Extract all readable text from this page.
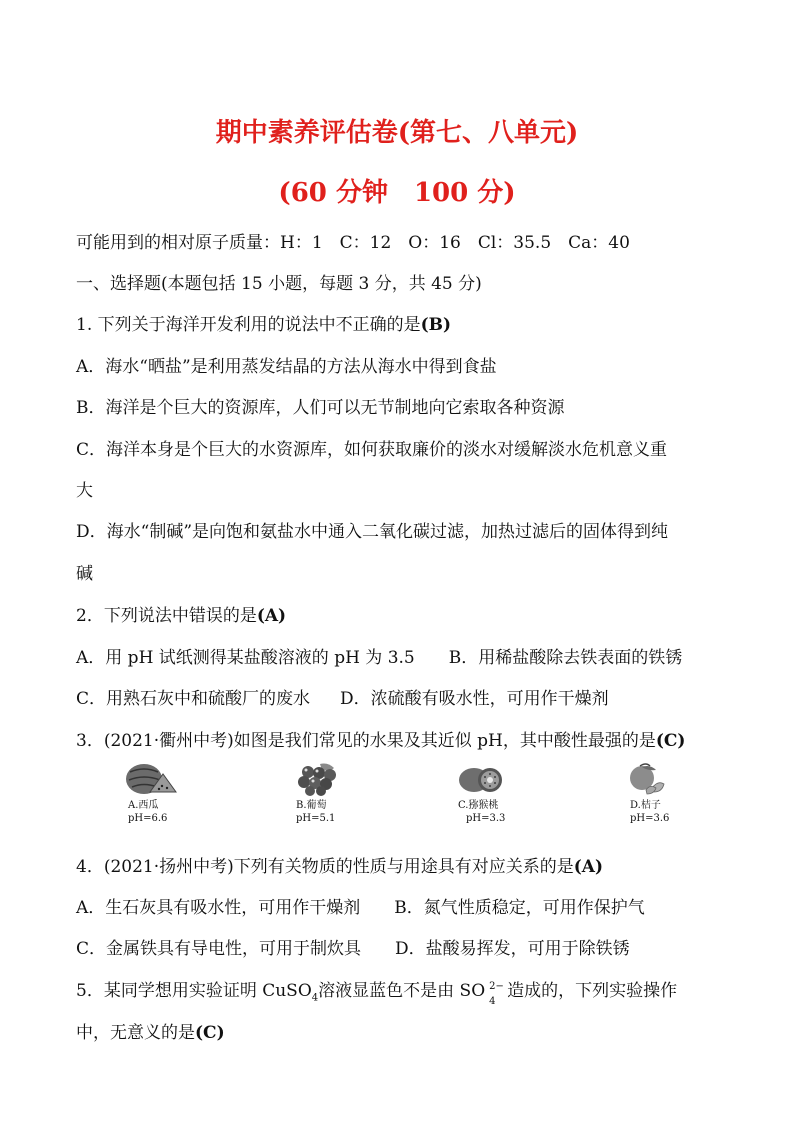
期中素养评估卷(第七、八单元)
(60 分钟　100 分)
可能用到的相对原子质量：H：1　C：12　O：16　Cl：35.5　Ca：40
一、选择题(本题包括 15 小题，每题 3 分，共 45 分)
1. 下列关于海洋开发利用的说法中不正确的是(B)
A．海水“晒盐”是利用蒸发结晶的方法从海水中得到食盐
B．海洋是个巨大的资源库，人们可以无节制地向它索取各种资源
C．海洋本身是个巨大的水资源库，如何获取廉价的淡水对缓解淡水危机意义重
大
D．海水“制碱”是向饱和氨盐水中通入二氧化碳过滤，加热过滤后的固体得到纯
碱
2．下列说法中错误的是(A)
A．用 pH 试纸测得某盐酸溶液的 pH 为 3.5 B．用稀盐酸除去铁表面的铁锈
C．用熟石灰中和硫酸厂的废水 D．浓硫酸有吸水性，可用作干燥剂
3．(2021·衢州中考)如图是我们常见的水果及其近似 pH，其中酸性最强的是(C)
A.西瓜
pH=6.6
B.葡萄
pH=5.1
C.猕猴桃
pH=3.3
D.桔子
pH=3.6
4．(2021·扬州中考)下列有关物质的性质与用途具有对应关系的是(A)
A．生石灰具有吸水性，可用作干燥剂 B．氮气性质稳定，可用作保护气
C．金属铁具有导电性，可用于制炊具 D．盐酸易挥发，可用于除铁锈
5．某同学想用实验证明 CuSO$_4$溶液显蓝色不是由 SO 2−
4 造成的，下列实验操作
中，无意义的是(C)
